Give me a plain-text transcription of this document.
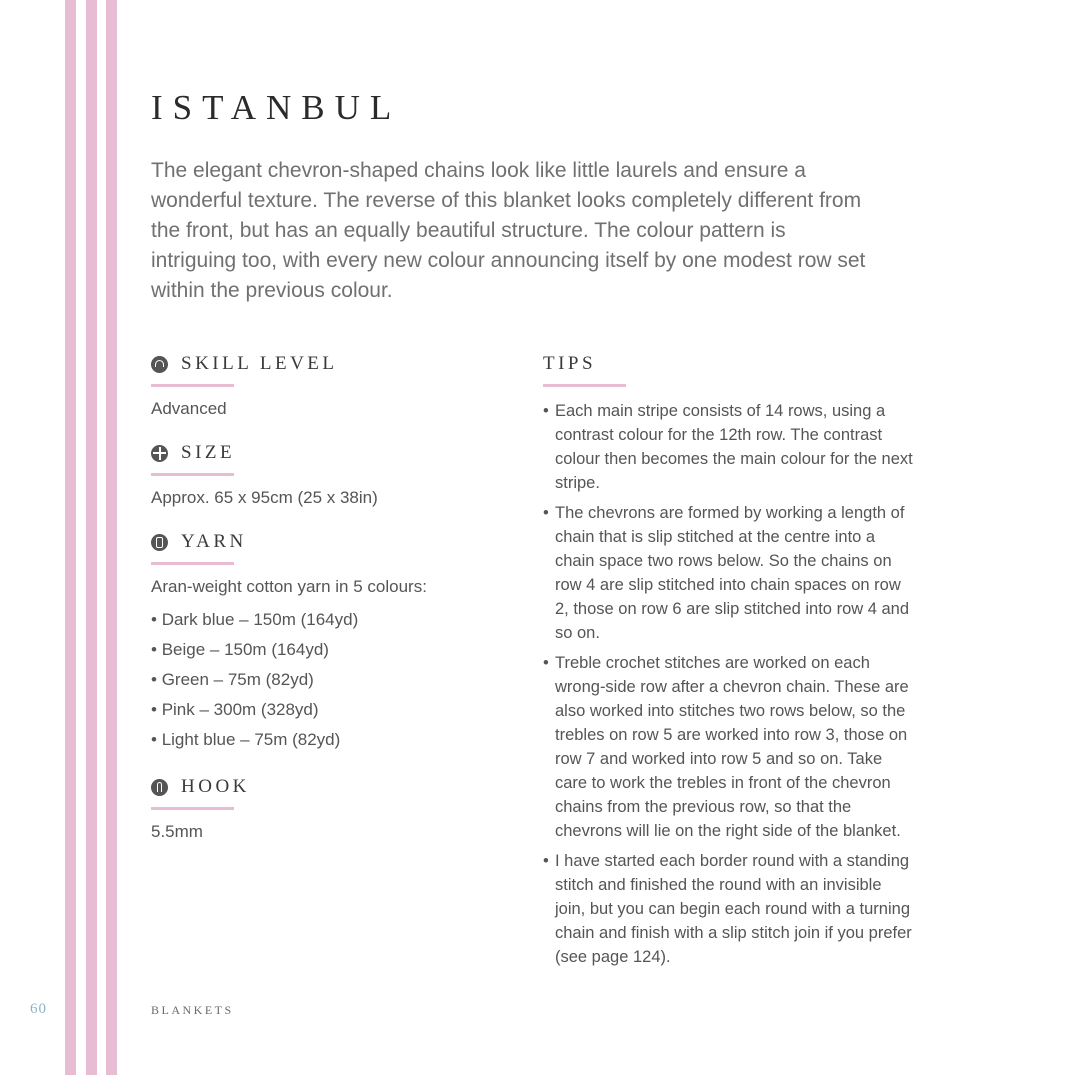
ISTANBUL

The elegant chevron-shaped chains look like little laurels and ensure a wonderful texture. The reverse of this blanket looks completely different from the front, but has an equally beautiful structure. The colour pattern is intriguing too, with every new colour announcing itself by one modest row set within the previous colour.

SKILL LEVEL

Advanced

SIZE

Approx. 65 x 95cm (25 x 38in)

YARN

Aran-weight cotton yarn in 5 colours:

• Dark blue – 150m (164yd)
• Beige – 150m (164yd)
• Green – 75m (82yd)
• Pink – 300m (328yd)
• Light blue – 75m (82yd)
HOOK

5.5mm

TIPS
• Each main stripe consists of 14 rows, using a contrast colour for the 12th row. The contrast colour then becomes the main colour for the next stripe.
• The chevrons are formed by working a length of chain that is slip stitched at the centre into a chain space two rows below. So the chains on row 4 are slip stitched into chain spaces on row 2, those on row 6 are slip stitched into row 4 and so on.
• Treble crochet stitches are worked on each wrong-side row after a chevron chain. These are also worked into stitches two rows below, so the trebles on row 5 are worked into row 3, those on row 7 and worked into row 5 and so on. Take care to work the trebles in front of the chevron chains from the previous row, so that the chevrons will lie on the right side of the blanket.
• I have started each border round with a standing stitch and finished the round with an invisible join, but you can begin each round with a turning chain and finish with a slip stitch join if you prefer (see page 124).
60	BLANKETS
